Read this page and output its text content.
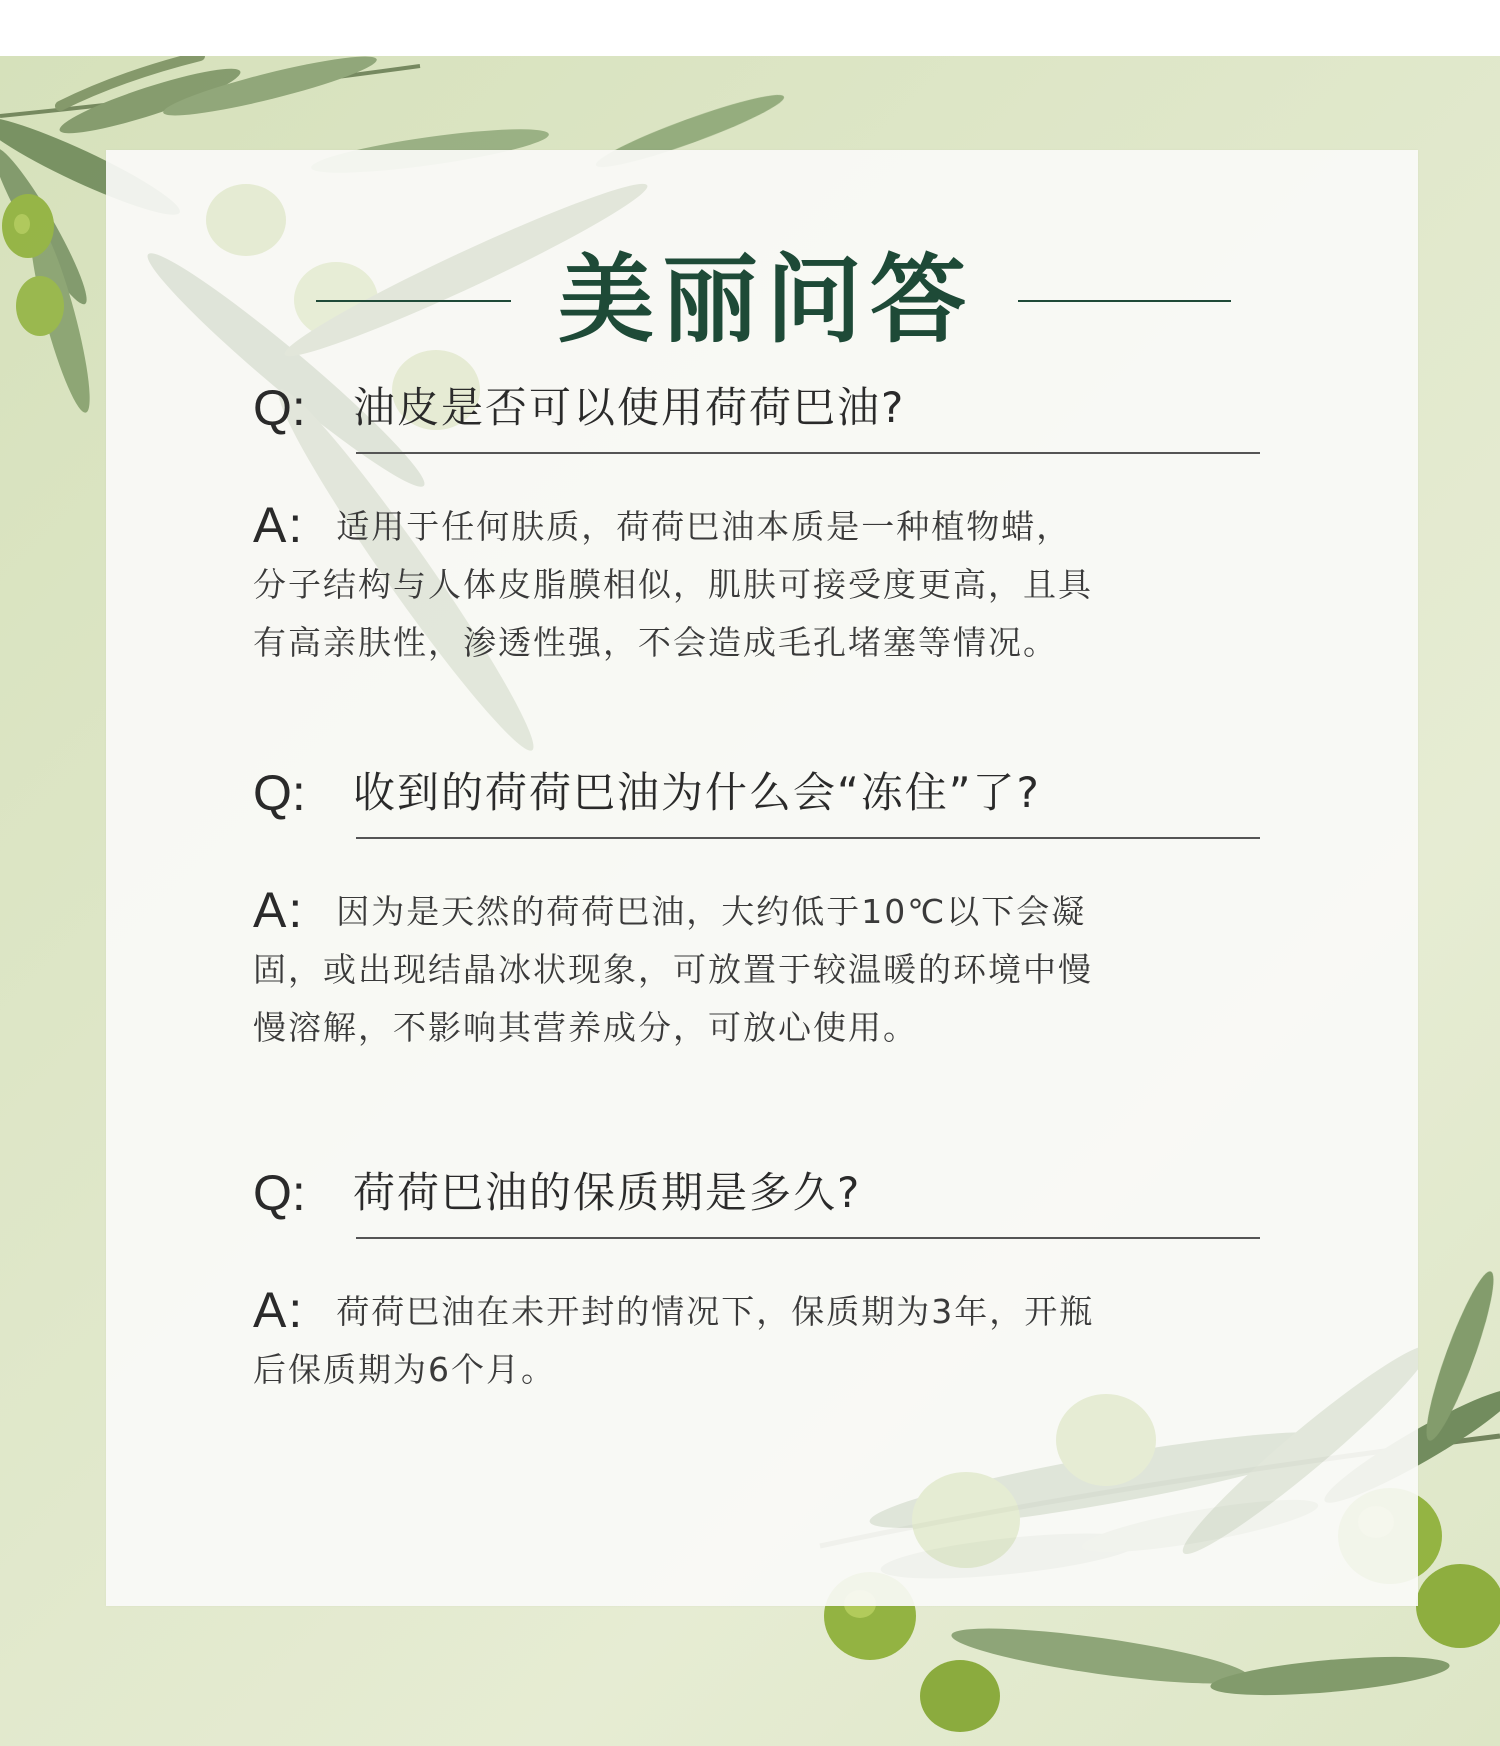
美丽问答
Q: 油皮是否可以使用荷荷巴油?
A: 适用于任何肤质，荷荷巴油本质是一种植物蜡，
分子结构与人体皮脂膜相似，肌肤可接受度更高，且具
有高亲肤性，渗透性强，不会造成毛孔堵塞等情况。
Q: 收到的荷荷巴油为什么会“冻住”了?
A: 因为是天然的荷荷巴油，大约低于10℃以下会凝
固，或出现结晶冰状现象，可放置于较温暖的环境中慢
慢溶解，不影响其营养成分，可放心使用。
Q: 荷荷巴油的保质期是多久?
A: 荷荷巴油在未开封的情况下，保质期为3年，开瓶
后保质期为6个月。
